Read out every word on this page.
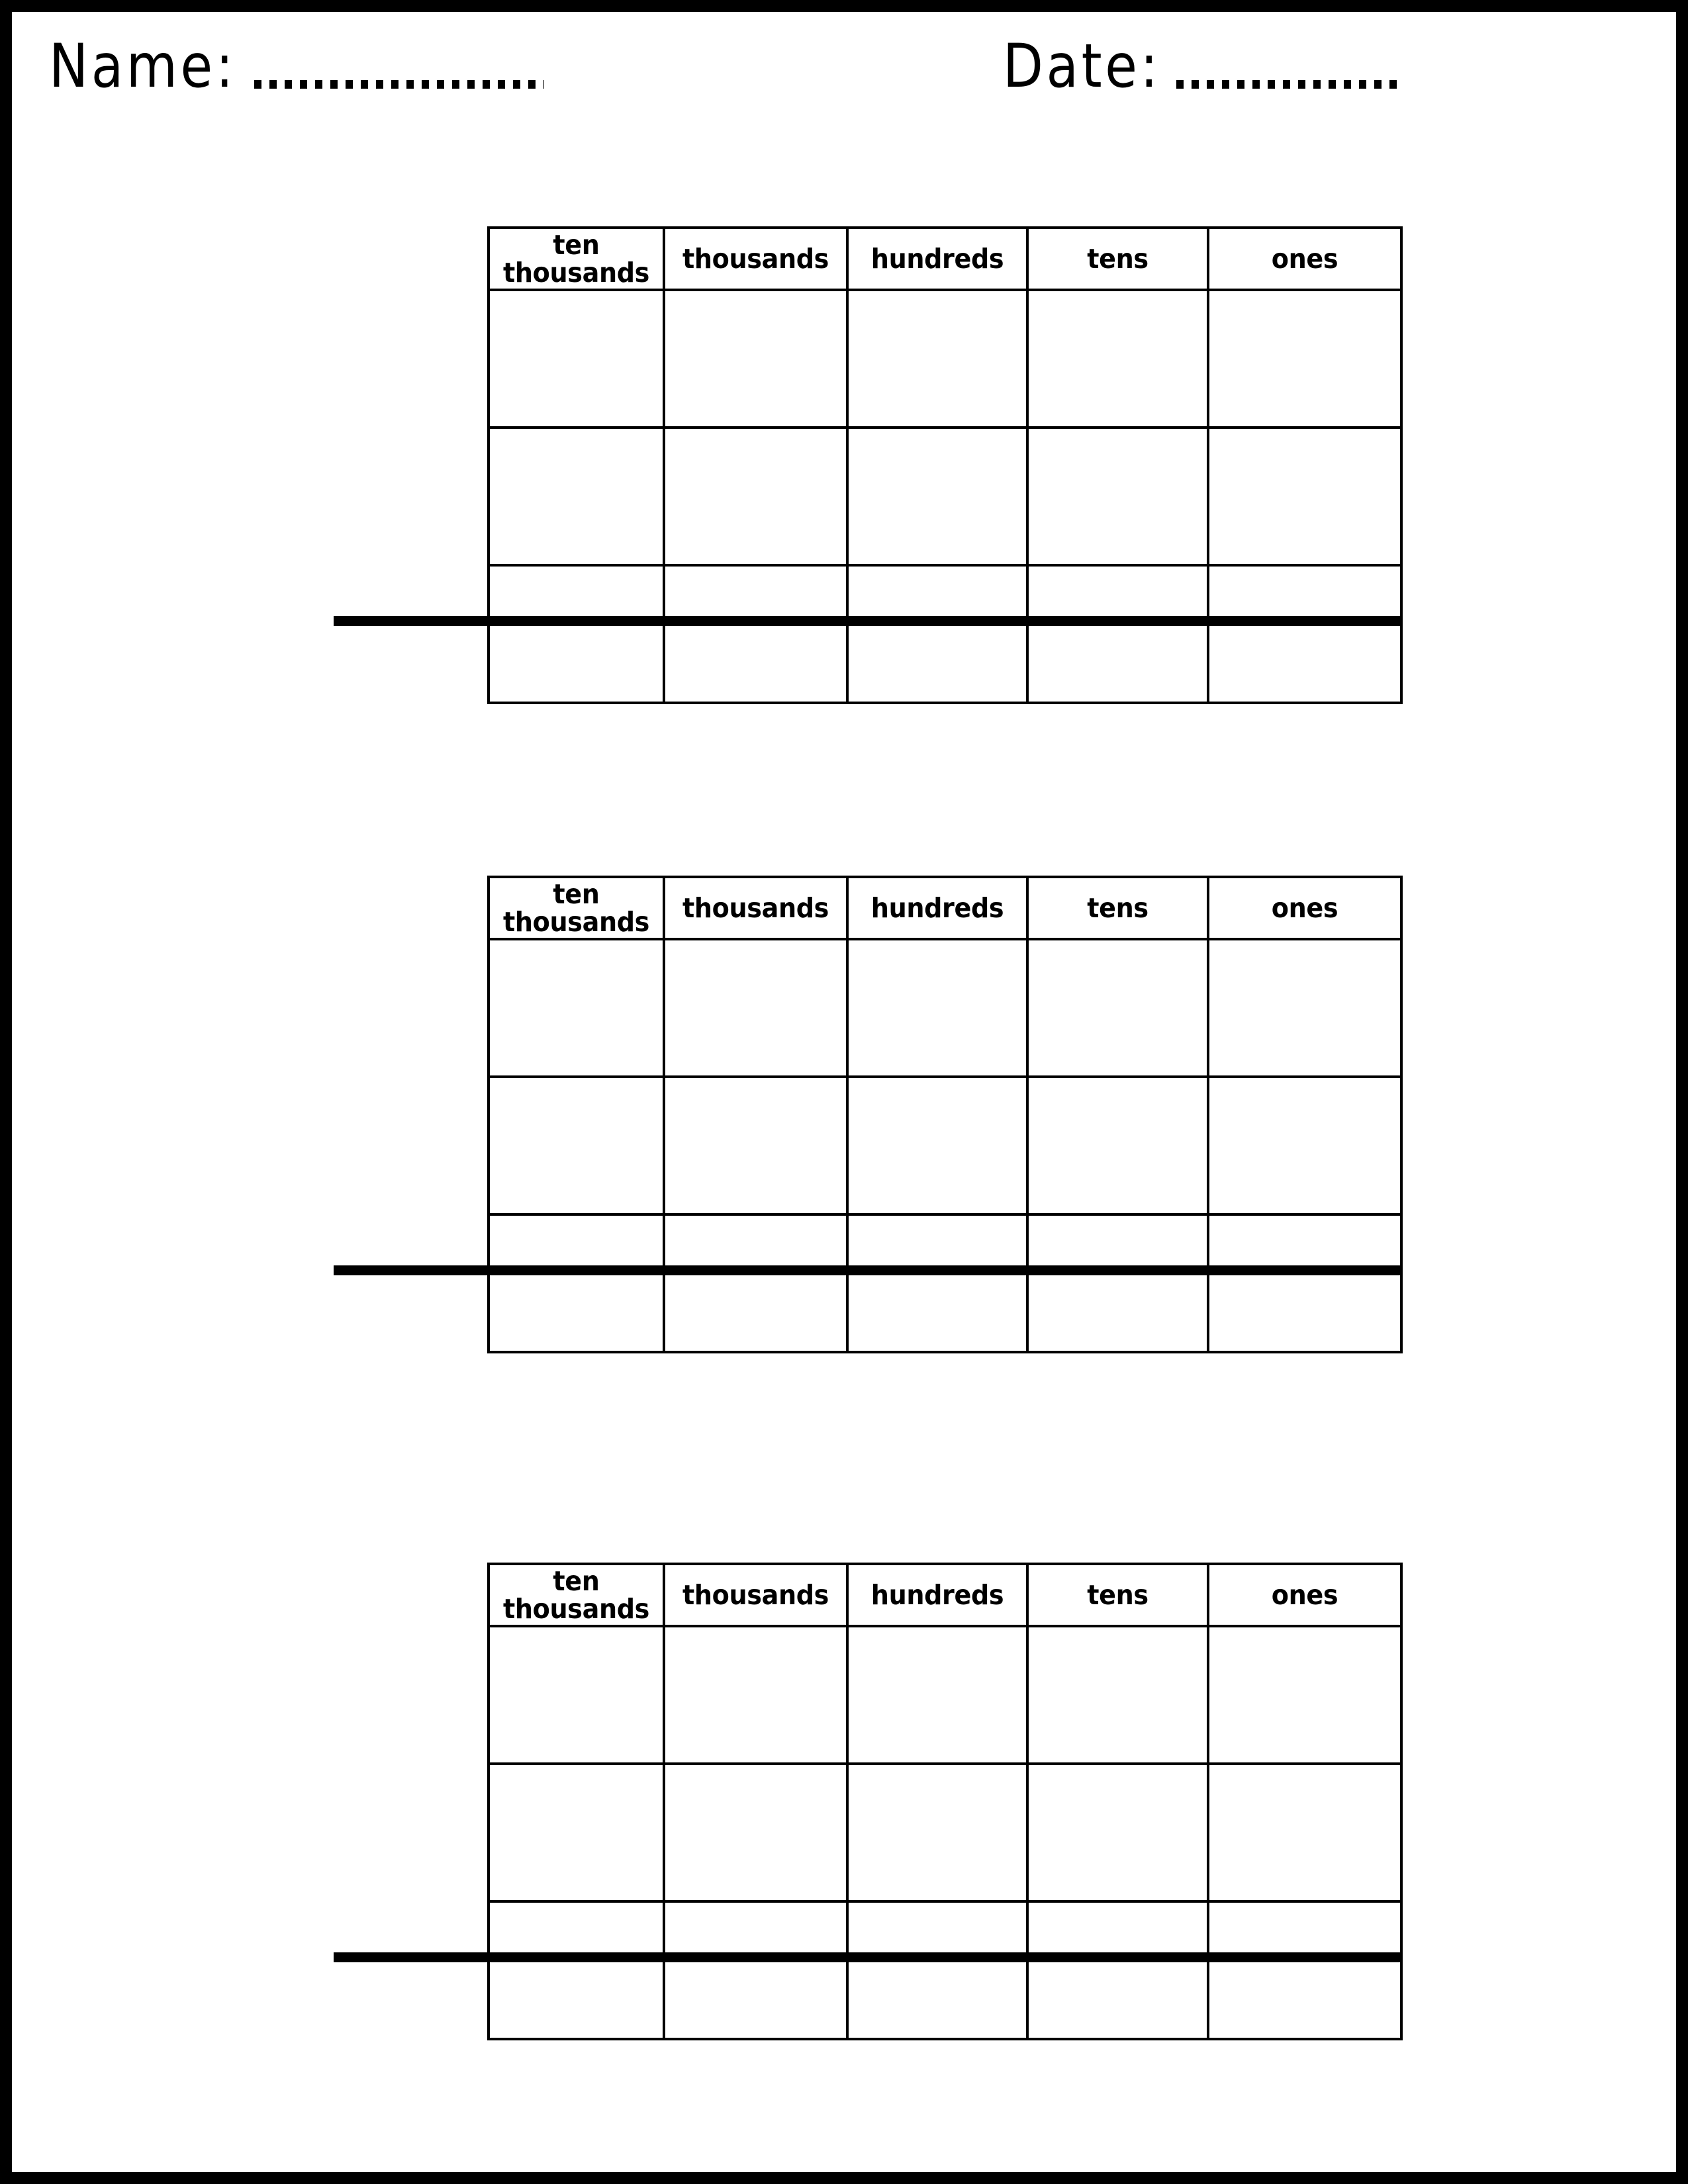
Name:	Date:
ten
thousands	thousands	hundreds	tens	ones

ten
thousands	thousands	hundreds	tens	ones

ten
thousands	thousands	hundreds	tens	ones
